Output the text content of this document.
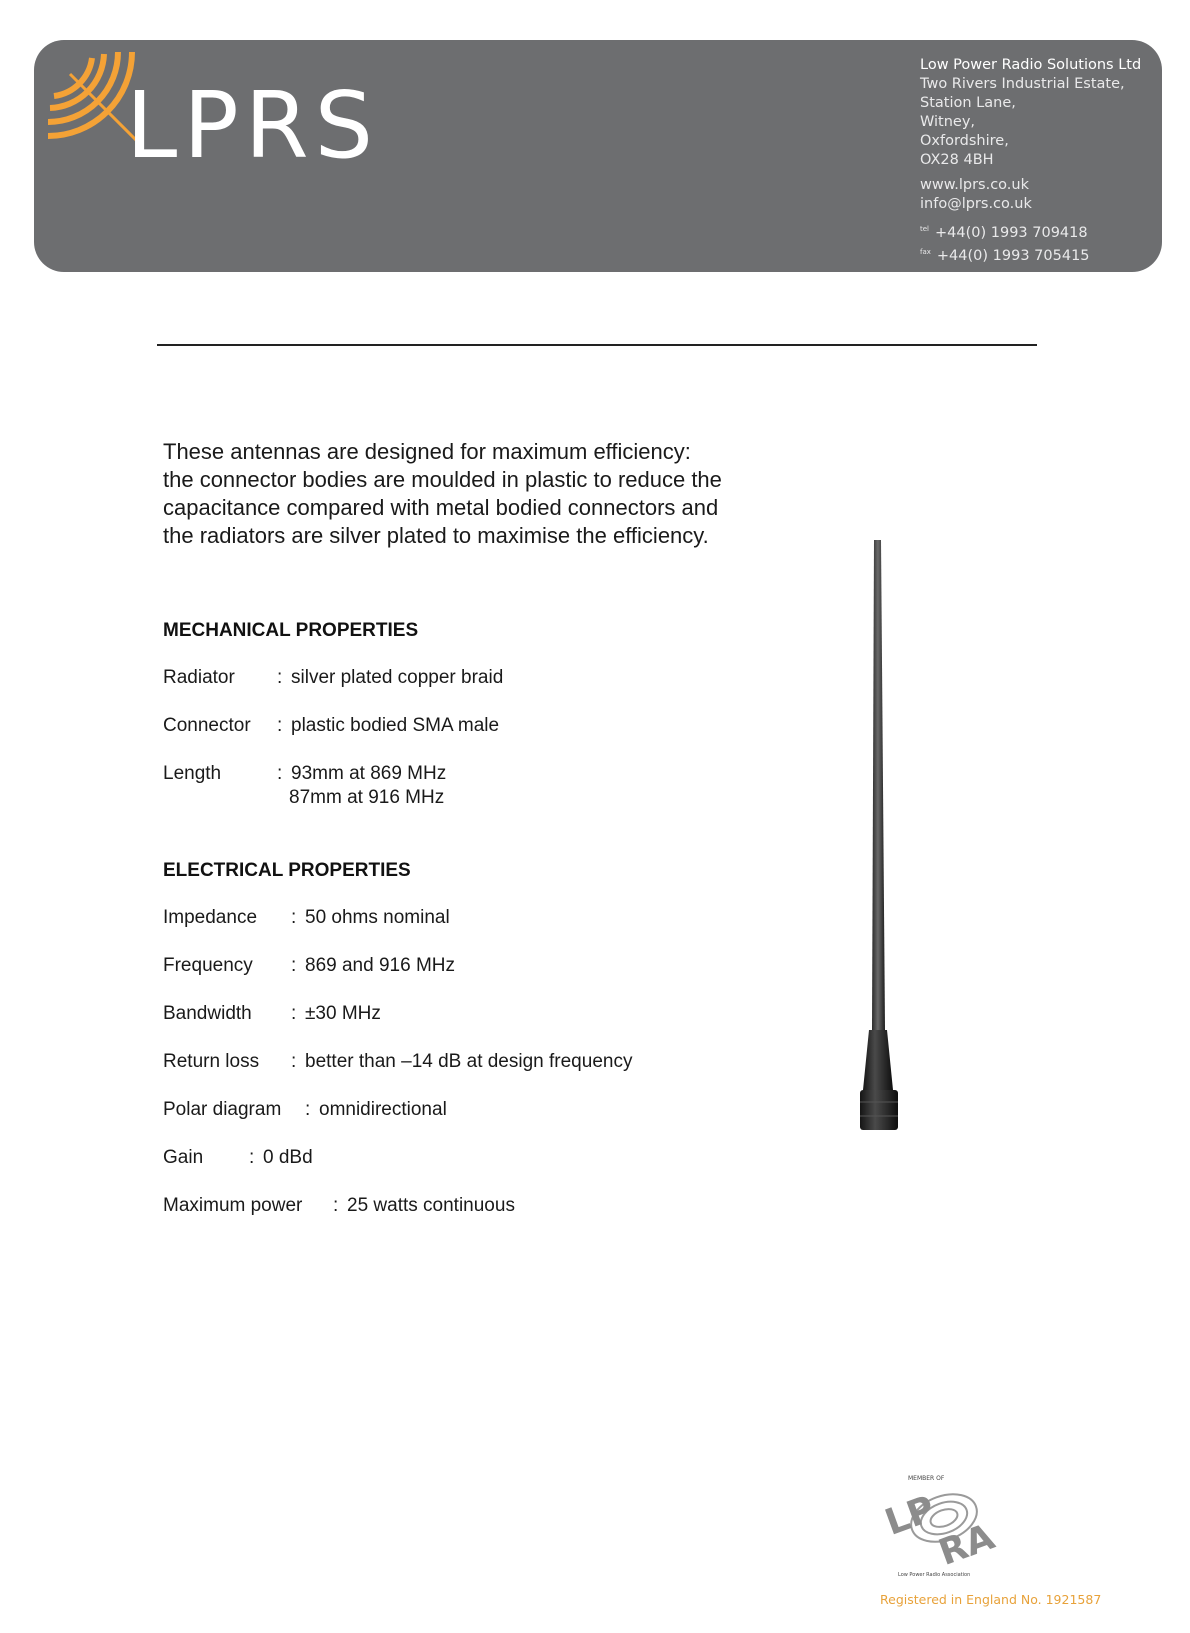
LPRS
Low Power Radio Solutions Ltd
Two Rivers Industrial Estate,
Station Lane,
Witney,
Oxfordshire,
OX28 4BH
www.lprs.co.uk
info@lprs.co.uk
$^{tel}$ +44(0) 1993 709418
$^{fax}$ +44(0) 1993 705415
These antennas are designed for maximum efficiency:
the connector bodies are moulded in plastic to reduce the
capacitance compared with metal bodied connectors and
the radiators are silver plated to maximise the efficiency.
MECHANICAL PROPERTIES
Radiator : silver plated copper braid
Connector : plastic bodied SMA male
Length	: 93mm at 869 MHz
87mm at 916 MHz
ELECTRICAL PROPERTIES
Impedance : 50 ohms nominal
Frequency : 869 and 916 MHz
Bandwidth : ±30 MHz
Return loss : better than –14 dB at design frequency
Polar diagram : omnidirectional
Gain : 0 dBd
Maximum power : 25 watts continuous
MEMBER OF
LP
RA
Low Power Radio Association
Registered in England No. 1921587
